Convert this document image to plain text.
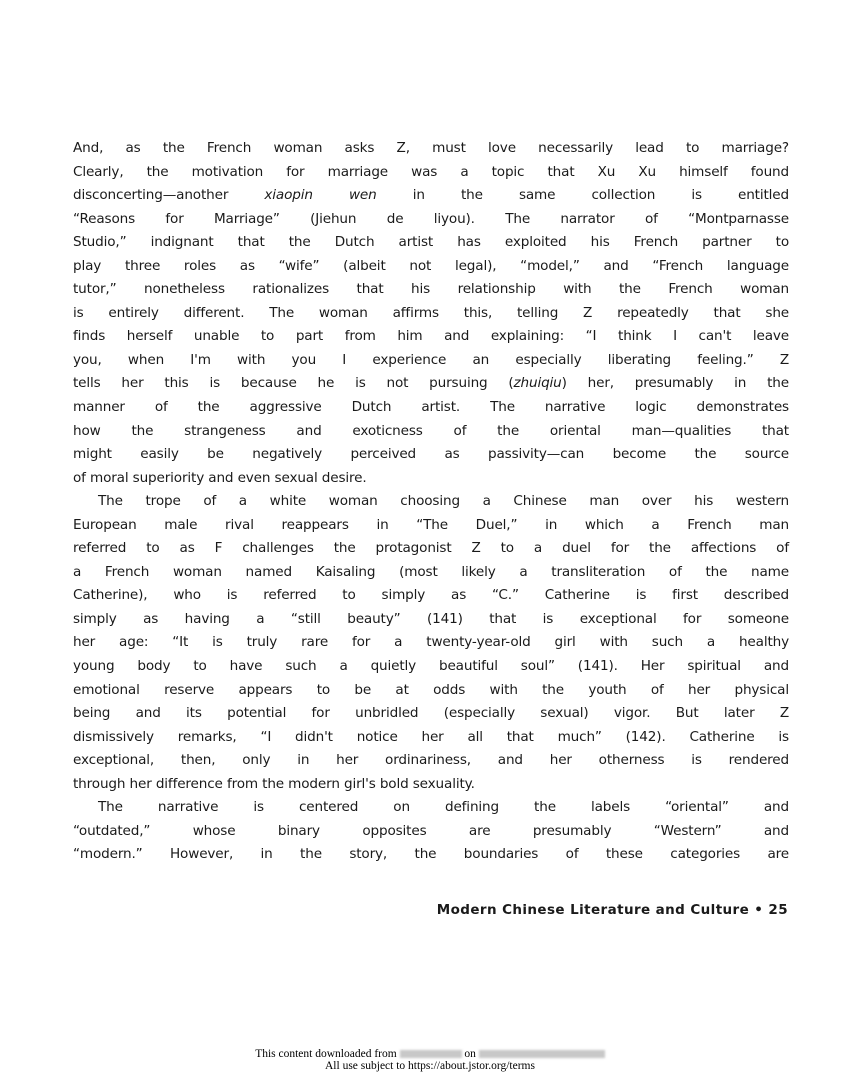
And, as the French woman asks Z, must love necessarily lead to marriage?
Clearly, the motivation for marriage was a topic that Xu Xu himself found
disconcerting—another xiaopin wen in the same collection is entitled
“Reasons for Marriage” (Jiehun de liyou). The narrator of “Montparnasse
Studio,” indignant that the Dutch artist has exploited his French partner to
play three roles as “wife” (albeit not legal), “model,” and “French language
tutor,” nonetheless rationalizes that his relationship with the French woman
is entirely different. The woman affirms this, telling Z repeatedly that she
finds herself unable to part from him and explaining: “I think I can't leave
you, when I'm with you I experience an especially liberating feeling.” Z
tells her this is because he is not pursuing (zhuiqiu) her, presumably in the
manner of the aggressive Dutch artist. The narrative logic demonstrates
how the strangeness and exoticness of the oriental man—qualities that
might easily be negatively perceived as passivity—can become the source
of moral superiority and even sexual desire.
The trope of a white woman choosing a Chinese man over his western
European male rival reappears in “The Duel,” in which a French man
referred to as F challenges the protagonist Z to a duel for the affections of
a French woman named Kaisaling (most likely a transliteration of the name
Catherine), who is referred to simply as “C.” Catherine is first described
simply as having a “still beauty” (141) that is exceptional for someone
her age: “It is truly rare for a twenty-year-old girl with such a healthy
young body to have such a quietly beautiful soul” (141). Her spiritual and
emotional reserve appears to be at odds with the youth of her physical
being and its potential for unbridled (especially sexual) vigor. But later Z
dismissively remarks, “I didn't notice her all that much” (142). Catherine is
exceptional, then, only in her ordinariness, and her otherness is rendered
through her difference from the modern girl's bold sexuality.
The narrative is centered on defining the labels “oriental” and
“outdated,” whose binary opposites are presumably “Western” and
“modern.” However, in the story, the boundaries of these categories are
Modern Chinese Literature and Culture • 25
This content downloaded from	on
All use subject to https://about.jstor.org/terms
